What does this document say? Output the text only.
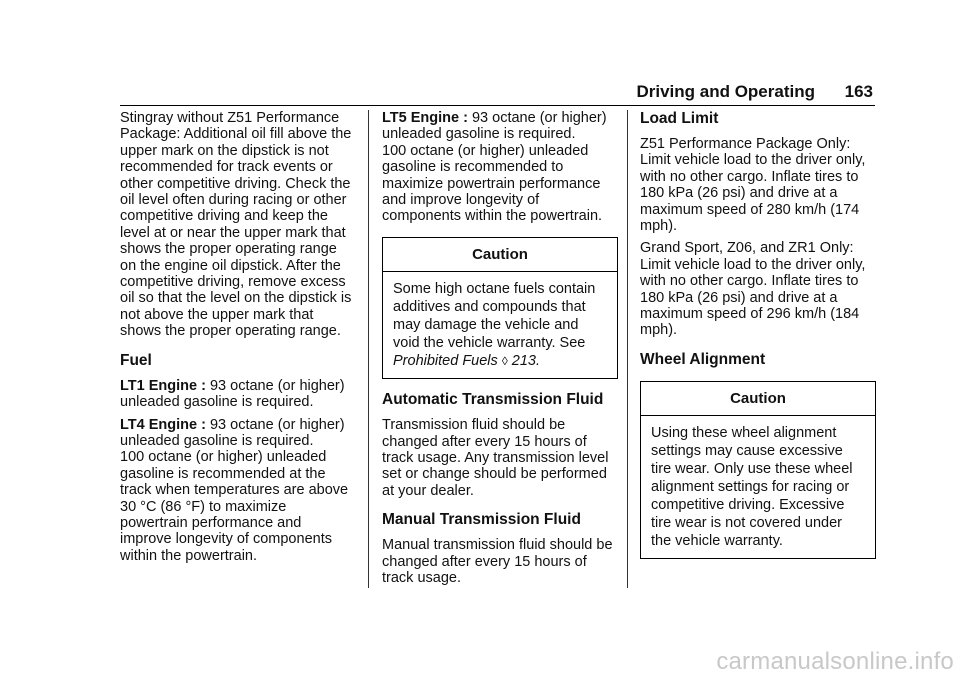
Driving and Operating 163

Stingray without Z51 Performance Package: Additional oil fill above the upper mark on the dipstick is not recommended for track events or other competitive driving. Check the oil level often during racing or other competitive driving and keep the level at or near the upper mark that shows the proper operating range on the engine oil dipstick. After the competitive driving, remove excess oil so that the level on the dipstick is not above the upper mark that shows the proper operating range.

Fuel

LT1 Engine : 93 octane (or higher) unleaded gasoline is required.

LT4 Engine : 93 octane (or higher) unleaded gasoline is required.

100 octane (or higher) unleaded gasoline is recommended at the track when temperatures are above 30 °C (86 °F) to maximize powertrain performance and improve longevity of components within the powertrain.

LT5 Engine : 93 octane (or higher) unleaded gasoline is required.

100 octane (or higher) unleaded gasoline is recommended to maximize powertrain performance and improve longevity of components within the powertrain.

Caution
Some high octane fuels contain additives and compounds that may damage the vehicle and void the vehicle warranty. See Prohibited Fuels ◊ 213.
Automatic Transmission Fluid

Transmission fluid should be changed after every 15 hours of track usage. Any transmission level set or change should be performed at your dealer.

Manual Transmission Fluid

Manual transmission fluid should be changed after every 15 hours of track usage.

Load Limit

Z51 Performance Package Only: Limit vehicle load to the driver only, with no other cargo. Inflate tires to 180 kPa (26 psi) and drive at a maximum speed of 280 km/h (174 mph).

Grand Sport, Z06, and ZR1 Only: Limit vehicle load to the driver only, with no other cargo. Inflate tires to 180 kPa (26 psi) and drive at a maximum speed of 296 km/h (184 mph).

Wheel Alignment
Caution
Using these wheel alignment settings may cause excessive tire wear. Only use these wheel alignment settings for racing or competitive driving. Excessive tire wear is not covered under the vehicle warranty.
carmanualsonline.info
